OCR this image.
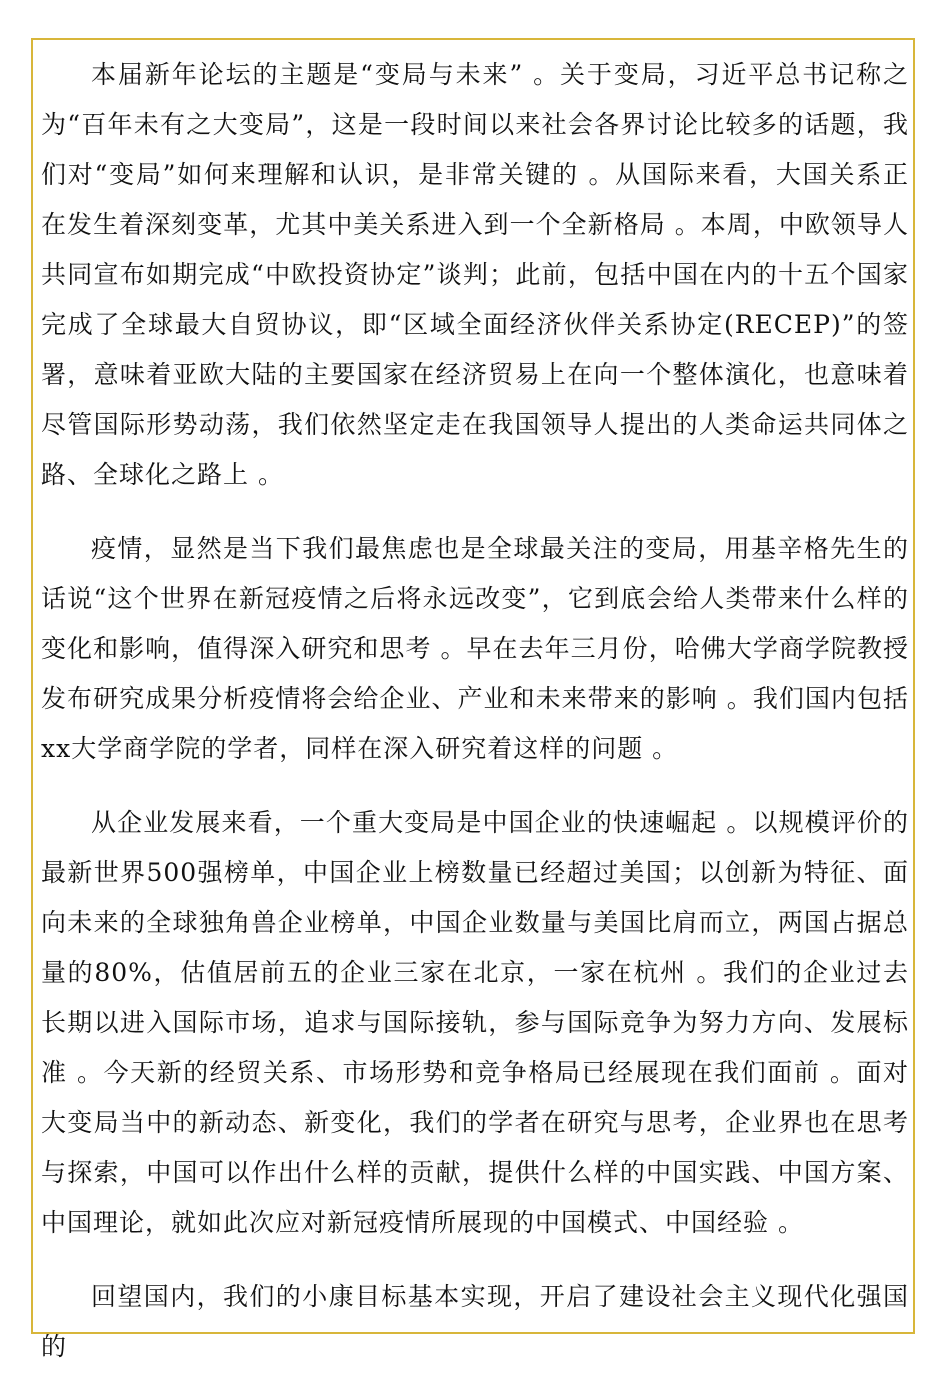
本届新年论坛的主题是“变局与未来” 。关于变局，习近平总书记称之为“百年未有之大变局”，这是一段时间以来社会各界讨论比较多的话题，我们对“变局”如何来理解和认识，是非常关键的 。从国际来看，大国关系正在发生着深刻变革，尤其中美关系进入到一个全新格局 。本周，中欧领导人共同宣布如期完成“中欧投资协定”谈判；此前，包括中国在内的十五个国家完成了全球最大自贸协议，即“区域全面经济伙伴关系协定(RECEP)”的签署，意味着亚欧大陆的主要国家在经济贸易上在向一个整体演化，也意味着尽管国际形势动荡，我们依然坚定走在我国领导人提出的人类命运共同体之路、全球化之路上 。

疫情，显然是当下我们最焦虑也是全球最关注的变局，用基辛格先生的话说“这个世界在新冠疫情之后将永远改变”，它到底会给人类带来什么样的变化和影响，值得深入研究和思考 。早在去年三月份，哈佛大学商学院教授发布研究成果分析疫情将会给企业、产业和未来带来的影响 。我们国内包括xx大学商学院的学者，同样在深入研究着这样的问题 。

从企业发展来看，一个重大变局是中国企业的快速崛起 。以规模评价的最新世界500强榜单，中国企业上榜数量已经超过美国；以创新为特征、面向未来的全球独角兽企业榜单，中国企业数量与美国比肩而立，两国占据总量的80%，估值居前五的企业三家在北京，一家在杭州 。我们的企业过去长期以进入国际市场，追求与国际接轨，参与国际竞争为努力方向、发展标准 。今天新的经贸关系、市场形势和竞争格局已经展现在我们面前 。面对大变局当中的新动态、新变化，我们的学者在研究与思考，企业界也在思考与探索，中国可以作出什么样的贡献，提供什么样的中国实践、中国方案、中国理论，就如此次应对新冠疫情所展现的中国模式、中国经验 。

回望国内，我们的小康目标基本实现，开启了建设社会主义现代化强国的
